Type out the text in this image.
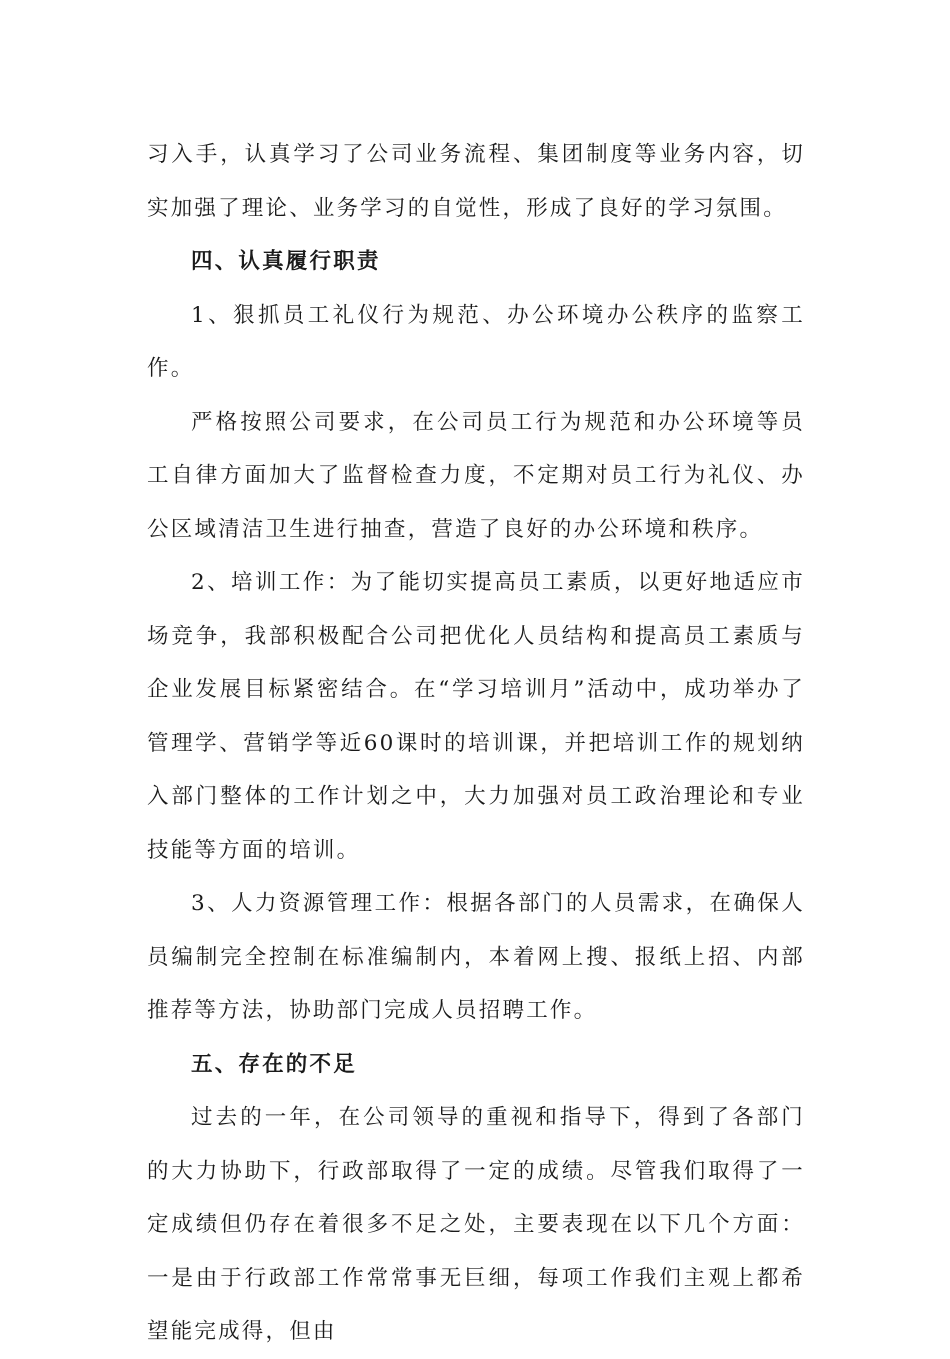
习入手，认真学习了公司业务流程、集团制度等业务内容，切实加强了理论、业务学习的自觉性，形成了良好的学习氛围。

四、认真履行职责

1、狠抓员工礼仪行为规范、办公环境办公秩序的监察工作。

严格按照公司要求，在公司员工行为规范和办公环境等员工自律方面加大了监督检查力度，不定期对员工行为礼仪、办公区域清洁卫生进行抽查，营造了良好的办公环境和秩序。

2、培训工作：为了能切实提高员工素质，以更好地适应市场竞争，我部积极配合公司把优化人员结构和提高员工素质与企业发展目标紧密结合。在“学习培训月”活动中，成功举办了管理学、营销学等近60课时的培训课，并把培训工作的规划纳入部门整体的工作计划之中，大力加强对员工政治理论和专业技能等方面的培训。

3、人力资源管理工作：根据各部门的人员需求，在确保人员编制完全控制在标准编制内，本着网上搜、报纸上招、内部推荐等方法，协助部门完成人员招聘工作。

五、存在的不足

过去的一年，在公司领导的重视和指导下，得到了各部门的大力协助下，行政部取得了一定的成绩。尽管我们取得了一定成绩但仍存在着很多不足之处，主要表现在以下几个方面：一是由于行政部工作常常事无巨细，每项工作我们主观上都希望能完成得，但由
